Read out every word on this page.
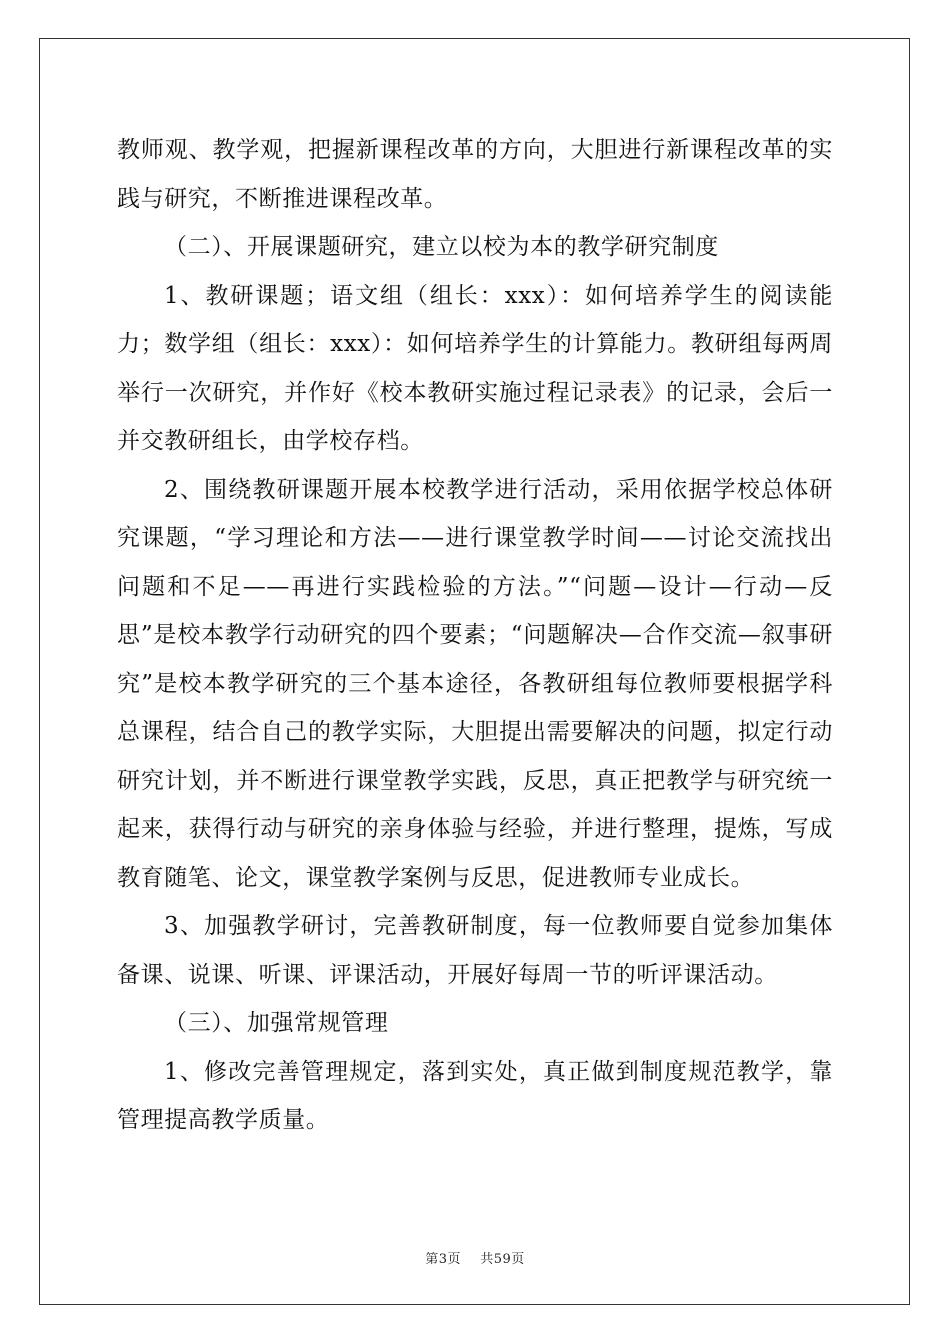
教师观、教学观，把握新课程改革的方向，大胆进行新课程改革的实践与研究，不断推进课程改革。

（二）、开展课题研究，建立以校为本的教学研究制度

1、教研课题；语文组（组长：xxx）：如何培养学生的阅读能力；数学组（组长：xxx）：如何培养学生的计算能力。教研组每两周举行一次研究，并作好《校本教研实施过程记录表》的记录，会后一并交教研组长，由学校存档。

2、围绕教研课题开展本校教学进行活动，采用依据学校总体研究课题，“学习理论和方法——进行课堂教学时间——讨论交流找出问题和不足——再进行实践检验的方法。”“问题—设计—行动—反思”是校本教学行动研究的四个要素；“问题解决—合作交流—叙事研究”是校本教学研究的三个基本途径，各教研组每位教师要根据学科总课程，结合自己的教学实际，大胆提出需要解决的问题，拟定行动研究计划，并不断进行课堂教学实践，反思，真正把教学与研究统一起来，获得行动与研究的亲身体验与经验，并进行整理，提炼，写成教育随笔、论文，课堂教学案例与反思，促进教师专业成长。

3、加强教学研讨，完善教研制度，每一位教师要自觉参加集体备课、说课、听课、评课活动，开展好每周一节的听评课活动。

（三）、加强常规管理

1、修改完善管理规定，落到实处，真正做到制度规范教学，靠管理提高教学质量。

第3页 共59页
